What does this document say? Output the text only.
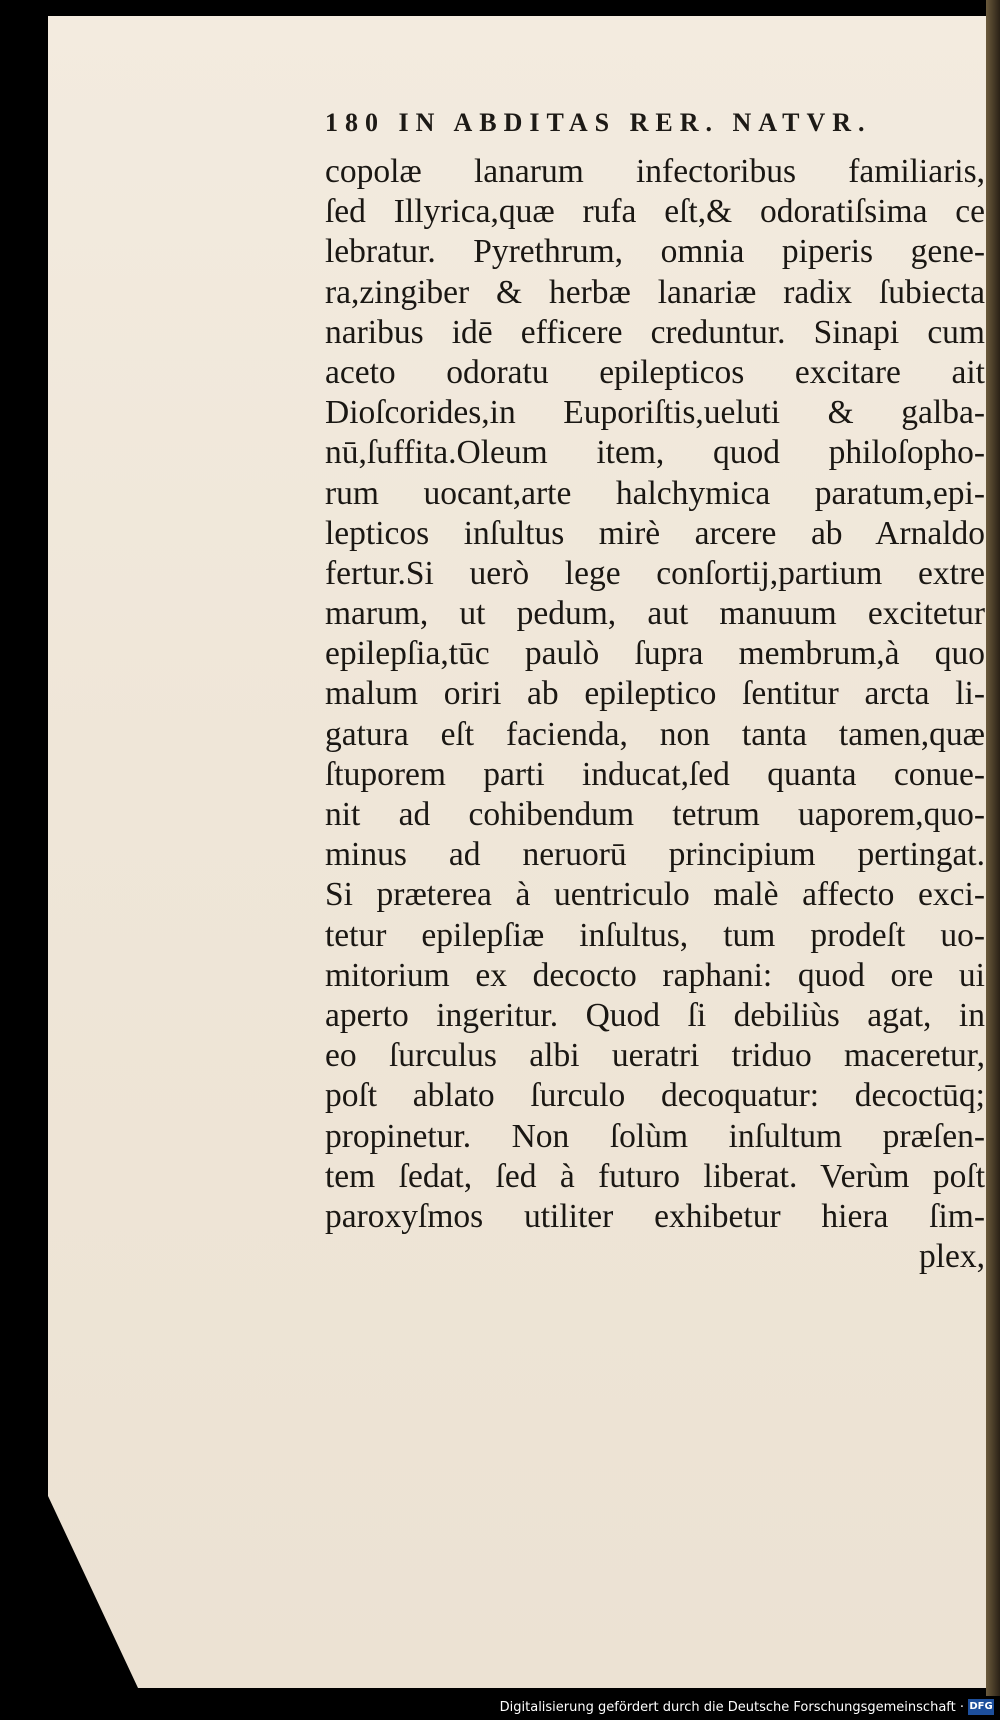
180 IN ABDITAS RER. NATVR.
copolæ lanarum infectoribus familiaris,
ſed Illyrica,quæ rufa eſt,& odoratiſsima ce
lebratur. Pyrethrum, omnia piperis gene-
ra,zingiber & herbæ lanariæ radix ſubiecta
naribus idē efficere creduntur. Sinapi cum
aceto odoratu epilepticos excitare ait
Dioſcorides,in Euporiſtis,ueluti & galba-
nū,ſuffita.Oleum item, quod philoſopho-
rum uocant,arte halchymica paratum,epi-
lepticos inſultus mirè arcere ab Arnaldo
fertur.Si uerò lege conſortij,partium extre
marum, ut pedum, aut manuum excitetur
epilepſia,tūc paulò ſupra membrum,à quo
malum oriri ab epileptico ſentitur arcta li-
gatura eſt facienda, non tanta tamen,quæ
ſtuporem parti inducat,ſed quanta conue-
nit ad cohibendum tetrum uaporem,quo-
minus ad neruorū principium pertingat.
Si præterea à uentriculo malè affecto exci-
tetur epilepſiæ inſultus, tum prodeſt uo-
mitorium ex decocto raphani: quod ore ui
aperto ingeritur. Quod ſi debiliùs agat, in
eo ſurculus albi ueratri triduo maceretur,
poſt ablato ſurculo decoquatur: decoctūq;
propinetur. Non ſolùm inſultum præſen-
tem ſedat, ſed à futuro liberat. Verùm poſt
paroxyſmos utiliter exhibetur hiera ſim-
plex,
Digitalisierung gefördert durch die Deutsche Forschungsgemeinschaft · DFG
